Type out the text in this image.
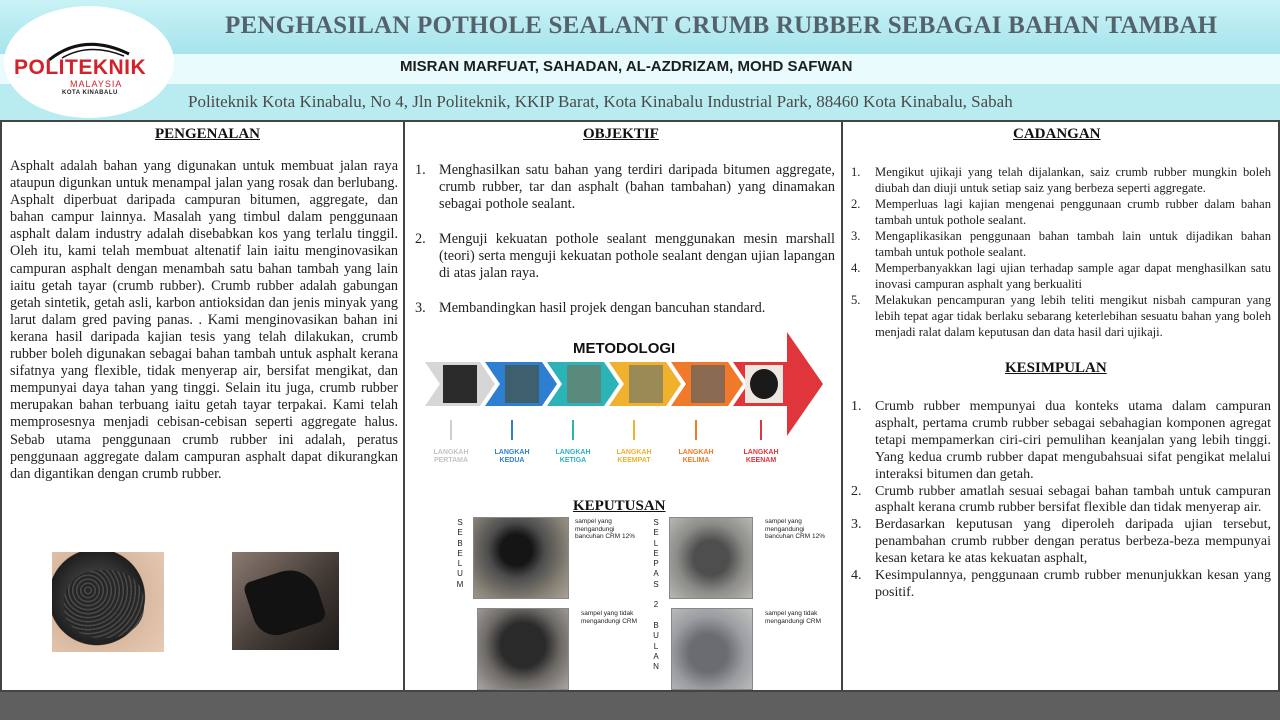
POLITEKNIK
MALAYSIA
KOTA KINABALU
PENGHASILAN POTHOLE SEALANT CRUMB RUBBER SEBAGAI BAHAN TAMBAH
MISRAN MARFUAT, SAHADAN, AL-AZDRIZAM, MOHD SAFWAN
Politeknik Kota Kinabalu, No 4, Jln Politeknik, KKIP Barat, Kota Kinabalu Industrial Park, 88460 Kota Kinabalu, Sabah
PENGENALAN
Asphalt adalah bahan yang digunakan untuk membuat jalan raya ataupun digunkan untuk menampal jalan yang rosak dan berlubang. Asphalt diperbuat daripada campuran bitumen, aggregate, dan bahan campur lainnya. Masalah yang timbul dalam penggunaan asphalt dalam industry adalah disebabkan kos yang terlalu tinggil. Oleh itu, kami telah membuat altenatif lain iaitu menginovasikan campuran asphalt dengan menambah satu bahan tambah yang lain iaitu getah tayar (crumb rubber). Crumb rubber adalah gabungan getah sintetik, getah asli, karbon antioksidan dan jenis minyak yang larut dalam gred paving panas. . Kami menginovasikan bahan ini kerana hasil daripada kajian tesis yang telah dilakukan, crumb rubber boleh digunakan sebagai bahan tambah untuk asphalt kerana sifatnya yang flexible, tidak menyerap air, bersifat mengikat, dan mempunyai daya tahan yang tinggi. Selain itu juga, crumb rubber merupakan bahan terbuang iaitu getah tayar terpakai. Kami telah memprosesnya menjadi cebisan-cebisan seperti aggregate halus. Sebab utama penggunaan crumb rubber ini adalah, peratus penggunaan aggregate dalam campuran asphalt dapat dikurangkan dan digantikan dengan crumb rubber.
OBJEKTIF
1. Menghasilkan satu bahan yang terdiri daripada bitumen aggregate, crumb rubber, tar dan asphalt (bahan tambahan) yang dinamakan sebagai pothole sealant.
2. Menguji kekuatan pothole sealant menggunakan mesin marshall (teori) serta menguji kekuatan pothole sealant dengan ujian lapangan di atas jalan raya.
3. Membandingkan hasil projek dengan bancuhan standard.
METODOLOGI
LANGKAH
PERTAMA
LANGKAH
KEDUA
LANGKAH
KETIGA
LANGKAH
KEEMPAT
LANGKAH
KELIMA
LANGKAH
KEENAM
KEPUTUSAN
S
E
B
E
L
U
M
S
E
L
E
P
A
S

2

B
U
L
A
N
sampel yang mengandungi bancuhan CRM 12%
sampel yang tidak mengandungi CRM
sampel yang mengandungi bancuhan CRM 12%
sampel yang tidak mengandungi CRM
CADANGAN
1. Mengikut ujikaji yang telah dijalankan, saiz crumb rubber mungkin boleh diubah dan diuji untuk setiap saiz yang berbeza seperti aggregate.
2. Memperluas lagi kajian mengenai penggunaan crumb rubber dalam bahan tambah untuk pothole sealant.
3. Mengaplikasikan penggunaan bahan tambah lain untuk dijadikan bahan tambah untuk pothole sealant.
4. Memperbanyakkan lagi ujian terhadap sample agar dapat menghasilkan satu inovasi campuran asphalt yang berkualiti
5. Melakukan pencampuran yang lebih teliti mengikut nisbah campuran yang lebih tepat agar tidak berlaku sebarang keterlebihan sesuatu bahan yang boleh menjadi ralat dalam keputusan dan data hasil dari ujikaji.
KESIMPULAN
1. Crumb rubber mempunyai dua konteks utama dalam campuran asphalt, pertama crumb rubber sebagai sebahagian komponen agregat tetapi mempamerkan ciri-ciri pemulihan keanjalan yang lebih tinggi. Yang kedua crumb rubber dapat mengubahsuai sifat pengikat melalui interaksi bitumen dan getah.
2. Crumb rubber amatlah sesuai sebagai bahan tambah untuk campuran asphalt kerana crumb rubber bersifat flexible dan tidak menyerap air.
3. Berdasarkan keputusan yang diperoleh daripada ujian tersebut, penambahan crumb rubber dengan peratus berbeza-beza mempunyai kesan ketara ke atas kekuatan asphalt,
4. Kesimpulannya, penggunaan crumb rubber menunjukkan kesan yang positif.
